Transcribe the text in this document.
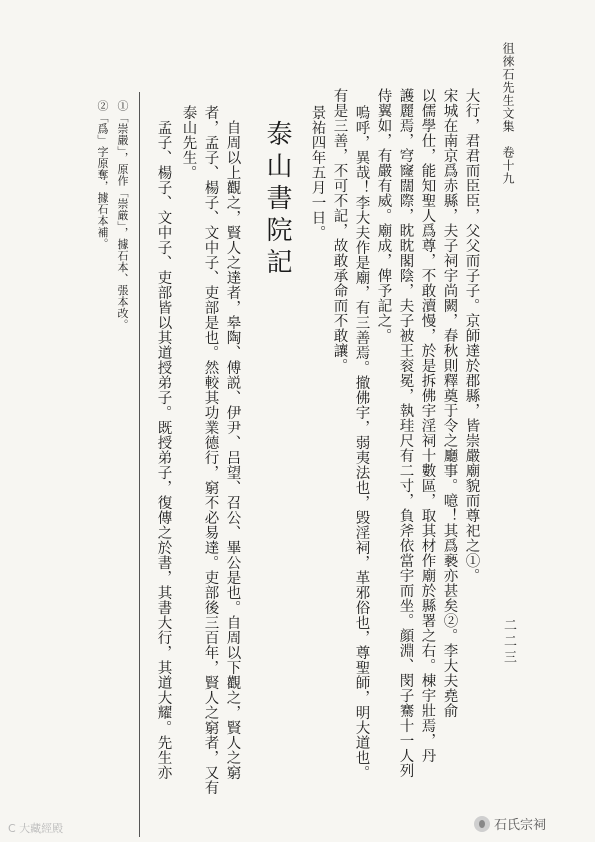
徂徠石先生文集　卷十九
二二三
大行，君君而臣臣，父父而子子。京師達於郡縣，皆崇嚴廟貌而尊祀之①。
宋城在南京爲赤縣，夫子祠宇尚闕，春秋則釋奠于令之廳事。噫！其爲褻亦甚矣②。李大夫堯俞
以儒學仕，能知聖人爲尊，不敢瀆慢，於是拆佛宇淫祠十數區，取其材作廟於縣署之右。棟宇壯焉，丹
護麗焉，穹窿闊際，眈眈閣陰，夫子被王衮冕，執珪尺有二寸，負斧依當宇而坐。顔淵、閔子騫十一人列
侍翼如，有嚴有威。廟成，俾予記之。
嗚呼，異哉！李大夫作是廟，有三善焉。撤佛宇，弱夷法也，毁淫祠，革邪俗也，尊聖師，明大道也。
有是三善，不可不記，故敢承命而不敢讓。
景祐四年五月一日。
泰山書院記
自周以上觀之，賢人之達者，皋陶、傅説、伊尹、吕望、召公、畢公是也。自周以下觀之，賢人之窮
者，孟子、楊子、文中子、吏部是也。然較其功業德行，窮不必易達。吏部後三百年，賢人之窮者，又有
泰山先生。
孟子、楊子、文中子、吏部皆以其道授弟子。既授弟子，復傳之於書，其書大行，其道大耀。先生亦
①「崇嚴」，原作「崇厳」，據石本、張本改。
②「爲」字原奪，據石本補。
C 大藏經殿	石氏宗祠
